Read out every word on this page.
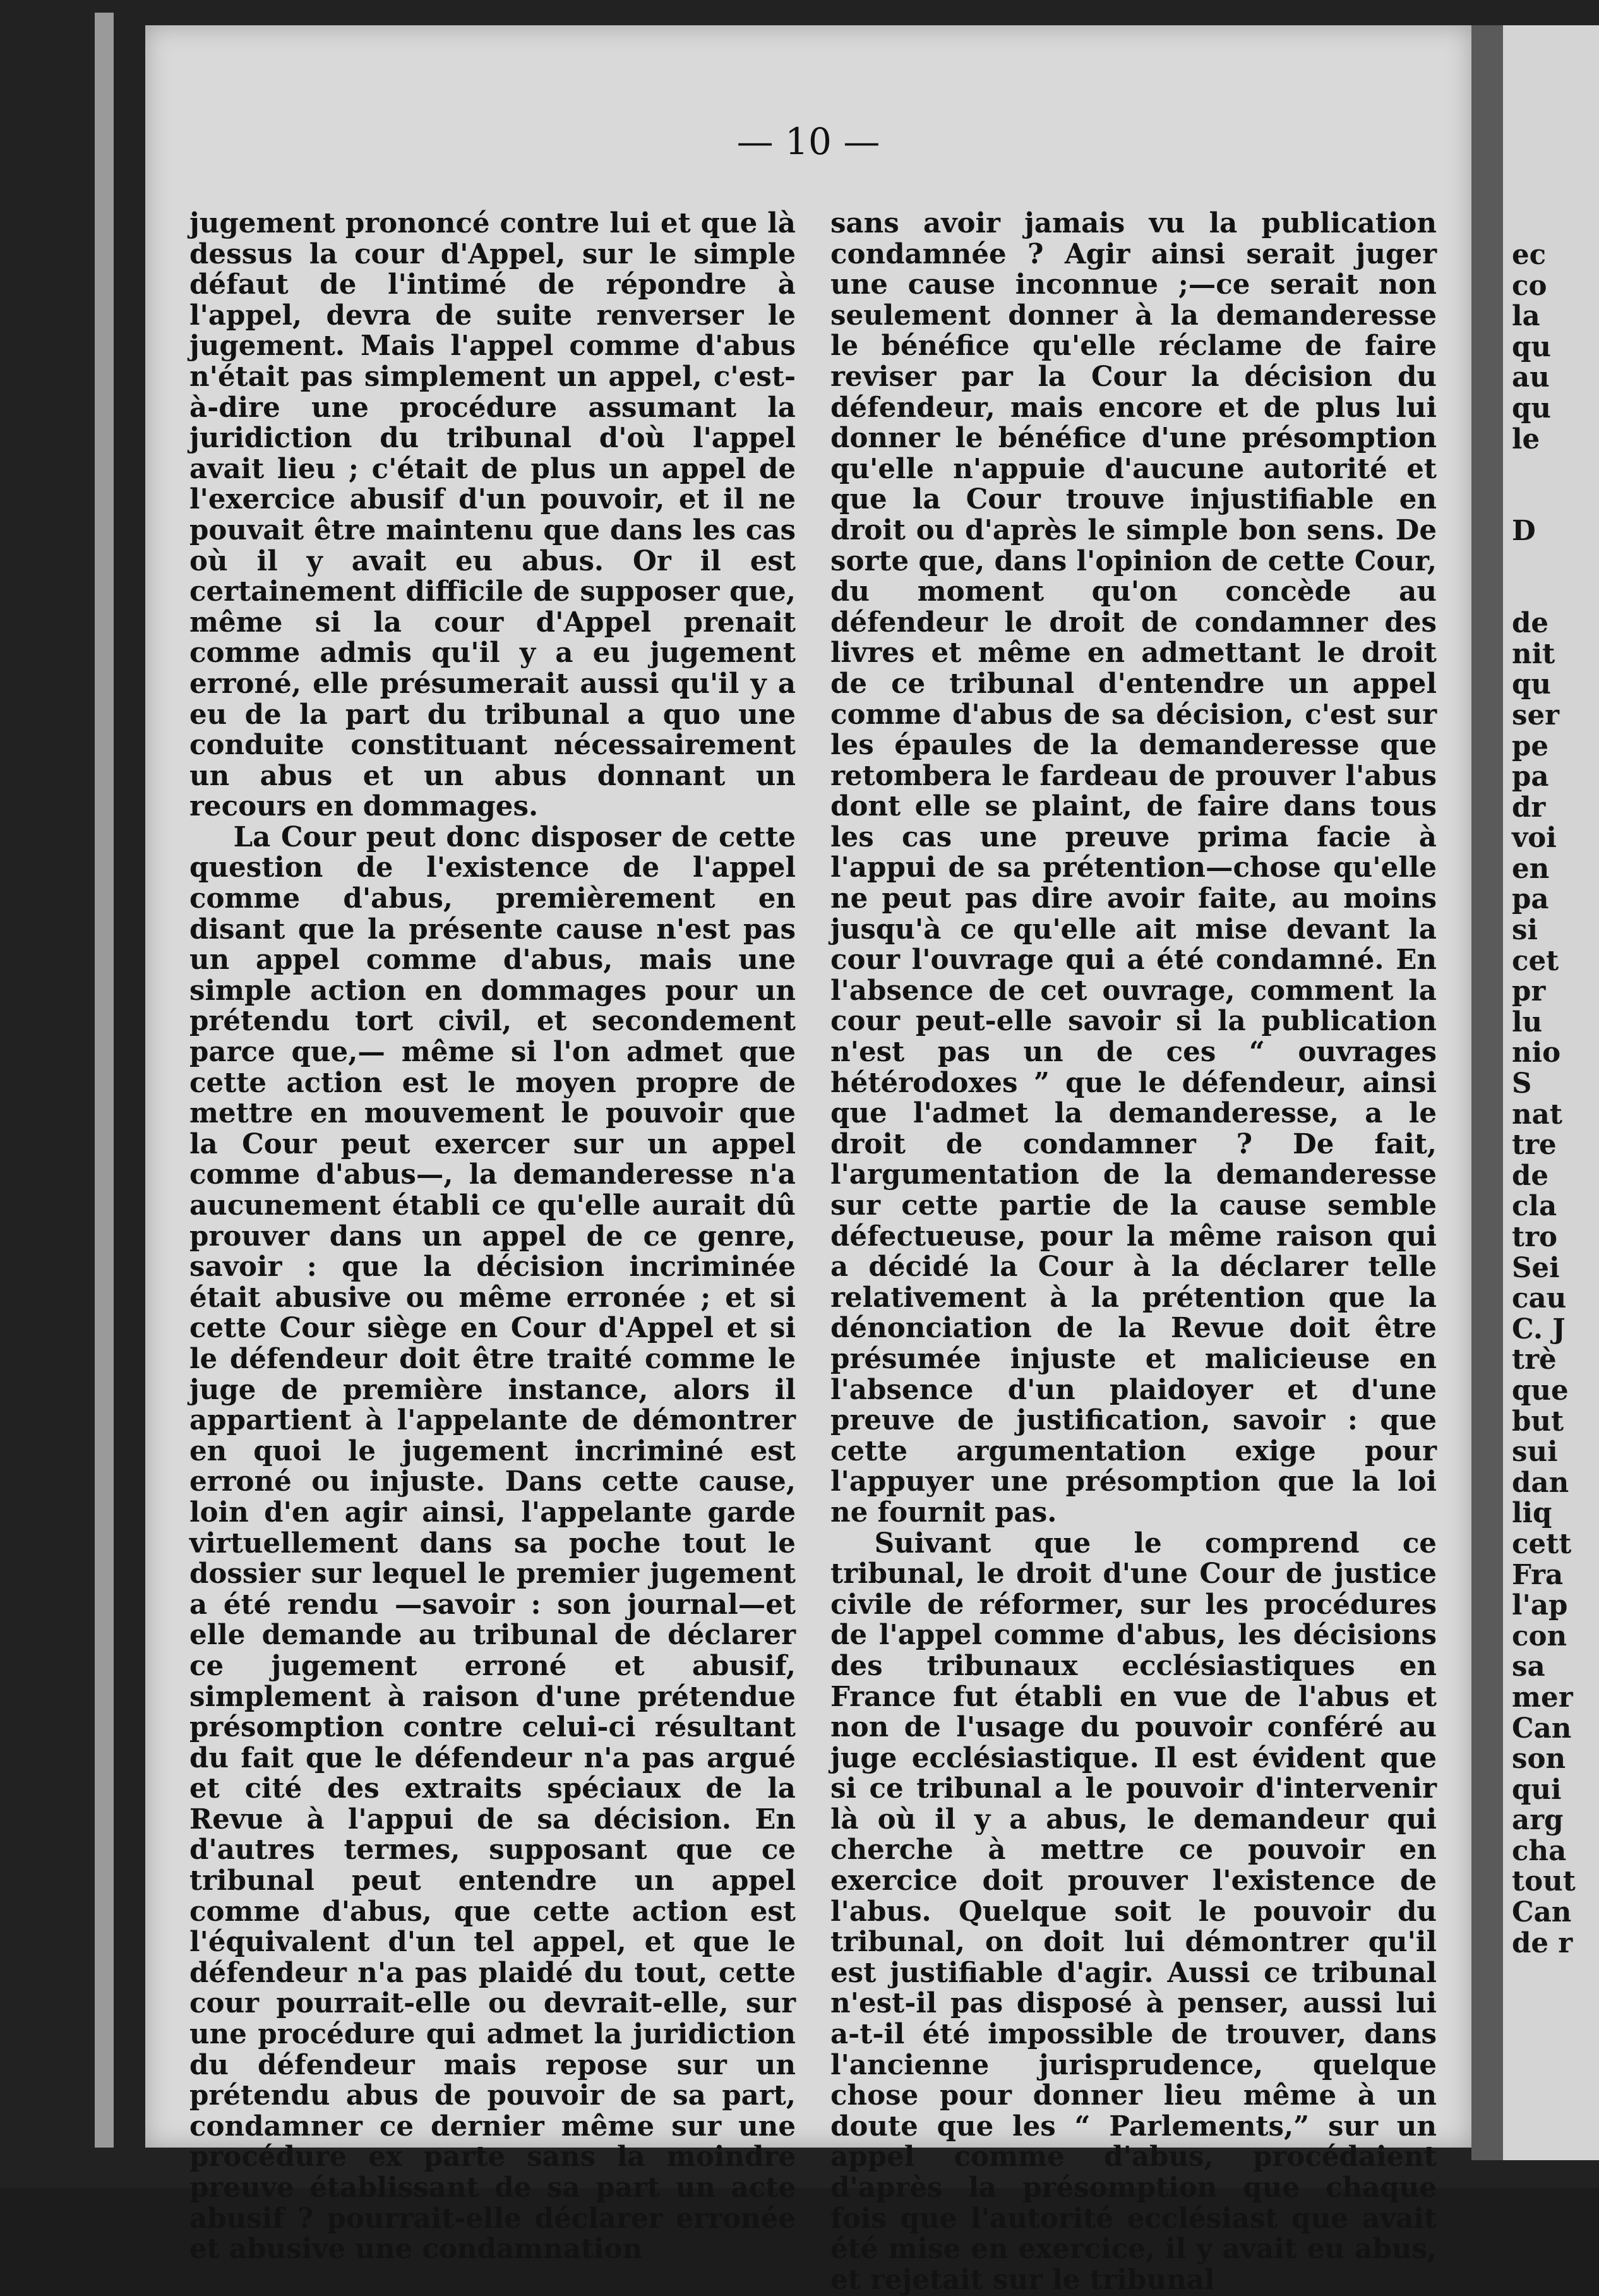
— 10 —

jugement prononcé contre lui et que là dessus la cour d'Appel, sur le simple défaut de l'intimé de répondre à l'appel, devra de suite renverser le jugement. Mais l'appel comme d'abus n'était pas simplement un appel, c'est-à-dire une procédure assumant la juridiction du tribunal d'où l'appel avait lieu ; c'était de plus un appel de l'exercice abusif d'un pouvoir, et il ne pouvait être maintenu que dans les cas où il y avait eu abus. Or il est certainement difficile de supposer que, même si la cour d'Appel prenait comme admis qu'il y a eu jugement erroné, elle présumerait aussi qu'il y a eu de la part du tribunal a quo une conduite constituant nécessairement un abus et un abus donnant un recours en dommages.

La Cour peut donc disposer de cette question de l'existence de l'appel comme d'abus, premièrement en disant que la présente cause n'est pas un appel comme d'abus, mais une simple action en dommages pour un prétendu tort civil, et secondement parce que,— même si l'on admet que cette action est le moyen propre de mettre en mouvement le pouvoir que la Cour peut exercer sur un appel comme d'abus—, la demanderesse n'a aucunement établi ce qu'elle aurait dû prouver dans un appel de ce genre, savoir : que la décision incriminée était abusive ou même erronée ; et si cette Cour siège en Cour d'Appel et si le défendeur doit être traité comme le juge de première instance, alors il appartient à l'appelante de démontrer en quoi le jugement incriminé est erroné ou injuste. Dans cette cause, loin d'en agir ainsi, l'appelante garde virtuellement dans sa poche tout le dossier sur lequel le premier jugement a été rendu —savoir : son journal—et elle demande au tribunal de déclarer ce jugement erroné et abusif, simplement à raison d'une prétendue présomption contre celui-ci résultant du fait que le défendeur n'a pas argué et cité des extraits spéciaux de la Revue à l'appui de sa décision. En d'autres termes, supposant que ce tribunal peut entendre un appel comme d'abus, que cette action est l'équivalent d'un tel appel, et que le défendeur n'a pas plaidé du tout, cette cour pourrait-elle ou devrait-elle, sur une procédure qui admet la juridiction du défendeur mais repose sur un prétendu abus de pouvoir de sa part, condamner ce dernier même sur une procédure ex parte sans la moindre preuve établissant de sa part un acte abusif ? pourrait-elle déclarer erronée et abusive une condamnation

sans avoir jamais vu la publication condamnée ? Agir ainsi serait juger une cause inconnue ;—ce serait non seulement donner à la demanderesse le bénéfice qu'elle réclame de faire reviser par la Cour la décision du défendeur, mais encore et de plus lui donner le bénéfice d'une présomption qu'elle n'appuie d'aucune autorité et que la Cour trouve injustifiable en droit ou d'après le simple bon sens. De sorte que, dans l'opinion de cette Cour, du moment qu'on concède au défendeur le droit de condamner des livres et même en admettant le droit de ce tribunal d'entendre un appel comme d'abus de sa décision, c'est sur les épaules de la demanderesse que retombera le fardeau de prouver l'abus dont elle se plaint, de faire dans tous les cas une preuve prima facie à l'appui de sa prétention—chose qu'elle ne peut pas dire avoir faite, au moins jusqu'à ce qu'elle ait mise devant la cour l'ouvrage qui a été condamné. En l'absence de cet ouvrage, comment la cour peut-elle savoir si la publication n'est pas un de ces “ ouvrages hétérodoxes ” que le défendeur, ainsi que l'admet la demanderesse, a le droit de condamner ? De fait, l'argumentation de la demanderesse sur cette partie de la cause semble défectueuse, pour la même raison qui a décidé la Cour à la déclarer telle relativement à la prétention que la dénonciation de la Revue doit être présumée injuste et malicieuse en l'absence d'un plaidoyer et d'une preuve de justification, savoir : que cette argumentation exige pour l'appuyer une présomption que la loi ne fournit pas.

Suivant que le comprend ce tribunal, le droit d'une Cour de justice civile de réformer, sur les procédures de l'appel comme d'abus, les décisions des tribunaux ecclésiastiques en France fut établi en vue de l'abus et non de l'usage du pouvoir conféré au juge ecclésiastique. Il est évident que si ce tribunal a le pouvoir d'intervenir là où il y a abus, le demandeur qui cherche à mettre ce pouvoir en exercice doit prouver l'existence de l'abus. Quelque soit le pouvoir du tribunal, on doit lui démontrer qu'il est justifiable d'agir. Aussi ce tribunal n'est-il pas disposé à penser, aussi lui a-t-il été impossible de trouver, dans l'ancienne jurisprudence, quelque chose pour donner lieu même à un doute que les “ Parlements,” sur un appel comme d'abus, procédaient d'après la présomption que chaque fois que l'autorité ecclésiast que avait été mise en exercice, il y avait eu abus, et rejetait sur le tribunal

ec
co
la
qu
au
qu
le
D
de
nit
qu
ser
pe
pa
dr
voi
en
pa
si
cet
pr
lu
nio
S
nat
tre
de
cla
tro
Sei
cau
C. J
trè
que
but
sui
dan
liq
cett
Fra
l'ap
con
sa
mer
Can
son
qui
arg
cha
tout
Can
de r
